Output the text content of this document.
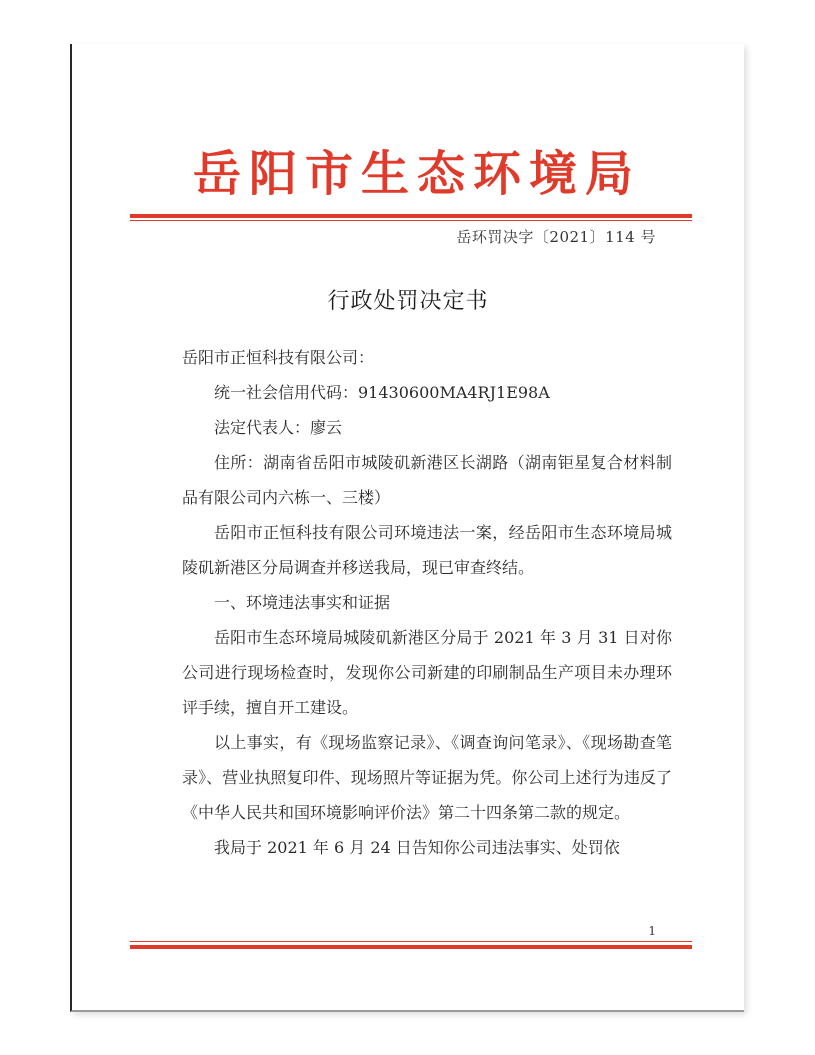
岳阳市生态环境局
岳环罚决字〔2021〕114 号
行政处罚决定书

岳阳市正恒科技有限公司：

统一社会信用代码：91430600MA4RJ1E98A

法定代表人：廖云

住所：湖南省岳阳市城陵矶新港区长湖路（湖南钜星复合材料制品有限公司内六栋一、三楼）

岳阳市正恒科技有限公司环境违法一案，经岳阳市生态环境局城陵矶新港区分局调查并移送我局，现已审查终结。

一、环境违法事实和证据

岳阳市生态环境局城陵矶新港区分局于 2021 年 3 月 31 日对你公司进行现场检查时，发现你公司新建的印刷制品生产项目未办理环评手续，擅自开工建设。

以上事实，有《现场监察记录》、《调查询问笔录》、《现场勘查笔录》、营业执照复印件、现场照片等证据为凭。你公司上述行为违反了《中华人民共和国环境影响评价法》第二十四条第二款的规定。

我局于 2021 年 6 月 24 日告知你公司违法事实、处罚依

1
